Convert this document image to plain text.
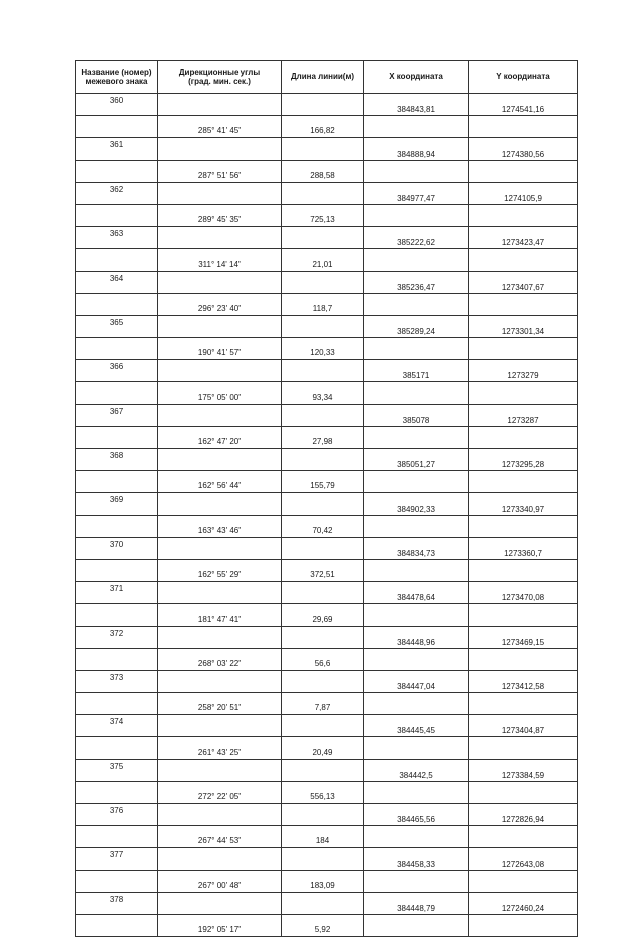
Название (номер)
межевого знака	Дирекционные углы
(град. мин. сек.)	Длина линии(м)	X координата	Y координата
360			384843,81	1274541,16
	285° 41' 45"	166,82		
361			384888,94	1274380,56
	287° 51' 56"	288,58		
362			384977,47	1274105,9
	289° 45' 35"	725,13		
363			385222,62	1273423,47
	311° 14' 14"	21,01		
364			385236,47	1273407,67
	296° 23' 40"	118,7		
365			385289,24	1273301,34
	190° 41' 57"	120,33		
366			385171	1273279
	175° 05' 00"	93,34		
367			385078	1273287
	162° 47' 20"	27,98		
368			385051,27	1273295,28
	162° 56' 44"	155,79		
369			384902,33	1273340,97
	163° 43' 46"	70,42		
370			384834,73	1273360,7
	162° 55' 29"	372,51		
371			384478,64	1273470,08
	181° 47' 41"	29,69		
372			384448,96	1273469,15
	268° 03' 22"	56,6		
373			384447,04	1273412,58
	258° 20' 51"	7,87		
374			384445,45	1273404,87
	261° 43' 25"	20,49		
375			384442,5	1273384,59
	272° 22' 05"	556,13		
376			384465,56	1272826,94
	267° 44' 53"	184		
377			384458,33	1272643,08
	267° 00' 48"	183,09		
378			384448,79	1272460,24
	192° 05' 17"	5,92		
